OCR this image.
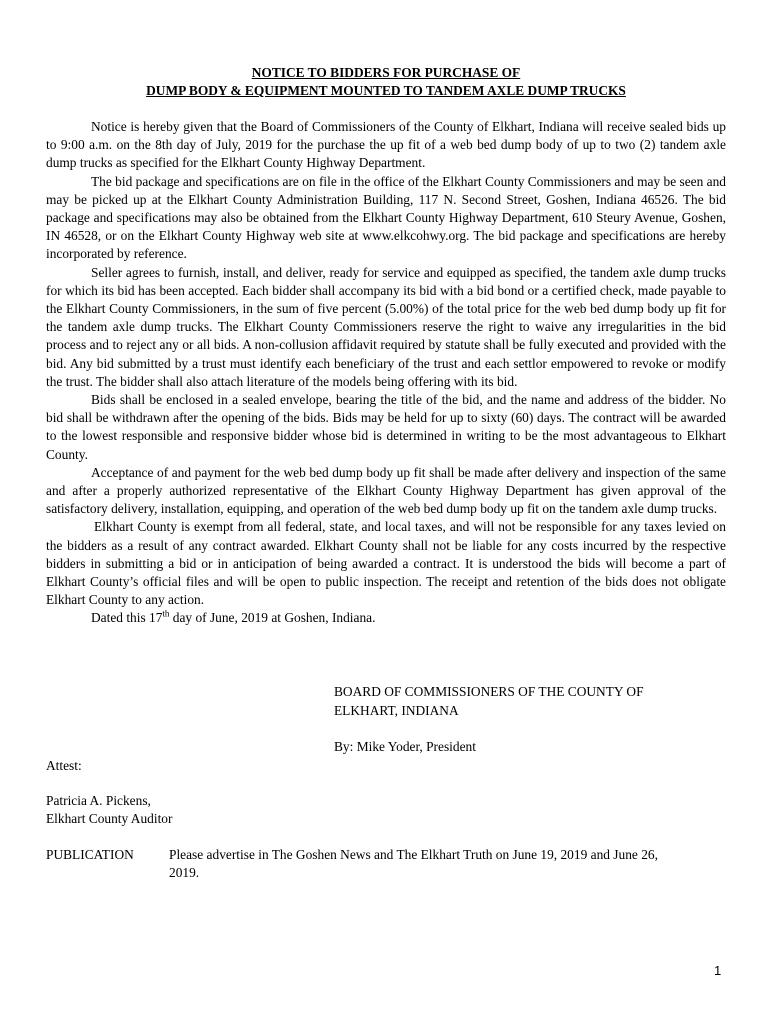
NOTICE TO BIDDERS FOR PURCHASE OF
DUMP BODY & EQUIPMENT MOUNTED TO TANDEM AXLE DUMP TRUCKS

Notice is hereby given that the Board of Commissioners of the County of Elkhart, Indiana will receive sealed bids up to 9:00 a.m. on the 8th day of July, 2019 for the purchase the up fit of a web bed dump body of up to two (2) tandem axle dump trucks as specified for the Elkhart County Highway Department.

The bid package and specifications are on file in the office of the Elkhart County Commissioners and may be seen and may be picked up at the Elkhart County Administration Building, 117 N. Second Street, Goshen, Indiana 46526. The bid package and specifications may also be obtained from the Elkhart County Highway Department, 610 Steury Avenue, Goshen, IN 46528, or on the Elkhart County Highway web site at www.elkcohwy.org. The bid package and specifications are hereby incorporated by reference.

Seller agrees to furnish, install, and deliver, ready for service and equipped as specified, the tandem axle dump trucks for which its bid has been accepted. Each bidder shall accompany its bid with a bid bond or a certified check, made payable to the Elkhart County Commissioners, in the sum of five percent (5.00%) of the total price for the web bed dump body up fit for the tandem axle dump trucks. The Elkhart County Commissioners reserve the right to waive any irregularities in the bid process and to reject any or all bids. A non-collusion affidavit required by statute shall be fully executed and provided with the bid. Any bid submitted by a trust must identify each beneficiary of the trust and each settlor empowered to revoke or modify the trust. The bidder shall also attach literature of the models being offering with its bid.

Bids shall be enclosed in a sealed envelope, bearing the title of the bid, and the name and address of the bidder. No bid shall be withdrawn after the opening of the bids. Bids may be held for up to sixty (60) days. The contract will be awarded to the lowest responsible and responsive bidder whose bid is determined in writing to be the most advantageous to Elkhart County.

Acceptance of and payment for the web bed dump body up fit shall be made after delivery and inspection of the same and after a properly authorized representative of the Elkhart County Highway Department has given approval of the satisfactory delivery, installation, equipping, and operation of the web bed dump body up fit on the tandem axle dump trucks.

Elkhart County is exempt from all federal, state, and local taxes, and will not be responsible for any taxes levied on the bidders as a result of any contract awarded. Elkhart County shall not be liable for any costs incurred by the respective bidders in submitting a bid or in anticipation of being awarded a contract. It is understood the bids will become a part of Elkhart County’s official files and will be open to public inspection. The receipt and retention of the bids does not obligate Elkhart County to any action.

Dated this 17th day of June, 2019 at Goshen, Indiana.

BOARD OF COMMISSIONERS OF THE COUNTY OF
ELKHART, INDIANA
By: Mike Yoder, President
Attest:
Patricia A. Pickens,
Elkhart County Auditor
PUBLICATION	Please advertise in The Goshen News and The Elkhart Truth on June 19, 2019 and June 26,
2019.
1
